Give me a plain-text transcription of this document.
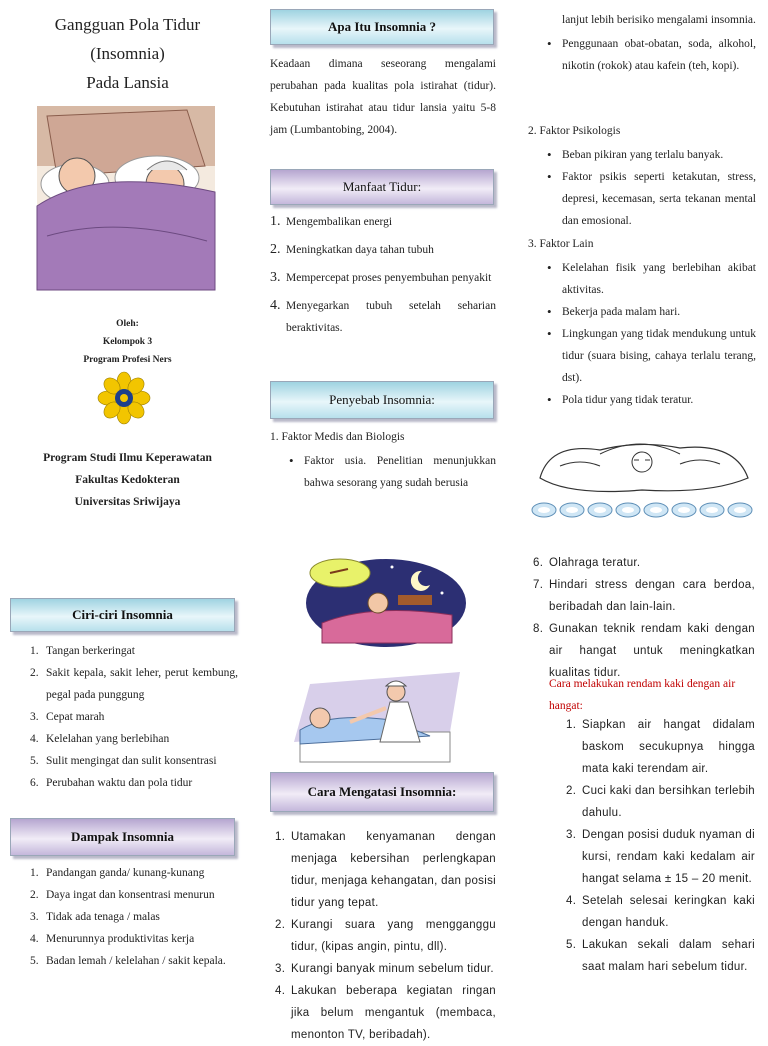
Gangguan Pola Tidur
(Insomnia)
Pada Lansia
Oleh:
Kelompok 3
Program Profesi Ners
Program Studi Ilmu Keperawatan
Fakultas Kedokteran
Universitas Sriwijaya
Ciri-ciri Insomnia
1. Tangan berkeringat
2. Sakit kepala, sakit leher, perut kembung, pegal pada punggung
3. Cepat marah
4. Kelelahan yang berlebihan
5. Sulit mengingat dan sulit konsentrasi
6. Perubahan waktu dan pola tidur
Dampak Insomnia
1. Pandangan ganda/ kunang-kunang
2. Daya ingat dan konsentrasi menurun
3. Tidak ada tenaga / malas
4. Menurunnya produktivitas kerja
5. Badan lemah / kelelahan / sakit kepala.
Apa Itu Insomnia ?
Keadaan dimana seseorang mengalami perubahan pada kualitas pola istirahat (tidur). Kebutuhan istirahat atau tidur lansia yaitu 5-8 jam (Lumbantobing, 2004).
Manfaat Tidur:
1. Mengembalikan energi
2. Meningkatkan daya tahan tubuh
3. Mempercepat proses penyembuhan penyakit
4. Menyegarkan tubuh setelah seharian beraktivitas.
Penyebab Insomnia:
1. Faktor Medis dan Biologis
• Faktor usia. Penelitian menunjukkan bahwa sesorang yang sudah berusia
lanjut lebih berisiko mengalami insomnia.
• Penggunaan obat-obatan, soda, alkohol, nikotin (rokok) atau kafein (teh, kopi).
2. Faktor Psikologis
• Beban pikiran yang terlalu banyak.
• Faktor psikis seperti ketakutan, stress, depresi, kecemasan, serta tekanan mental dan emosional.
3. Faktor Lain
• Kelelahan fisik yang berlebihan akibat aktivitas.
• Bekerja pada malam hari.
• Lingkungan yang tidak mendukung untuk tidur (suara bising, cahaya terlalu terang, dst).
• Pola tidur yang tidak teratur.
Cara Mengatasi Insomnia:
1. Utamakan kenyamanan dengan menjaga kebersihan perlengkapan tidur, menjaga kehangatan, dan posisi tidur yang tepat.
2. Kurangi suara yang mengganggu tidur, (kipas angin, pintu, dll).
3. Kurangi banyak minum sebelum tidur.
4. Lakukan beberapa kegiatan ringan jika belum mengantuk (membaca, menonton TV, beribadah).
6. Olahraga teratur.
7. Hindari stress dengan cara berdoa, beribadah dan lain-lain.
8. Gunakan teknik rendam kaki dengan air hangat untuk meningkatkan kualitas tidur.
Cara melakukan rendam kaki dengan air hangat:
1. Siapkan air hangat didalam baskom secukupnya hingga mata kaki terendam air.
2. Cuci kaki dan bersihkan terlebih dahulu.
3. Dengan posisi duduk nyaman di kursi, rendam kaki kedalam air hangat selama ± 15 – 20 menit.
4. Setelah selesai keringkan kaki dengan handuk.
5. Lakukan sekali dalam sehari saat malam hari sebelum tidur.
